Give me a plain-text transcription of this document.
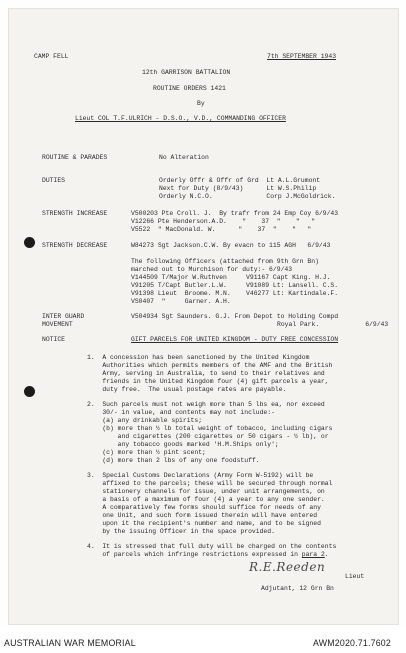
CAMP FELL	7th SEPTEMBER 1943
12th GARRISON BATTALION
ROUTINE ORDERS 1421
By
Lieut COL T.F.ULRICH - D.S.O., V.D., COMMANDING OFFICER
ROUTINE & PARADES	No Alteration
DUTIES	Orderly Offr & Offr of Grd  Lt A.L.Grumont
Next for Duty (8/9/43)      Lt W.S.Philip
Orderly N.C.O.              Corp J.McGoldrick.
STRENGTH INCREASE	V500203 Pte Croll. J.  By trafr from 24 Emp Coy 6/9/43
V12266 Pte Henderson.A.D.    "    37  "    "   "
V5522  " MacDonald. W.      "    37  "    "   "
STRENGTH DECREASE	W84273 Sgt Jackson.C.W. By evacn to 115 AGH   6/9/43
The following Officers (attached from 9th Grn Bn)
marched out to Murchison for duty:- 6/9/43
V144509 T/Major W.Ruthven     V91167 Capt King. H.J.
V91205 T/Capt Butler.L.W.     V91089 Lt: Lansell. C.S.
V91398 Lieut  Broome. M.N.    V46277 Lt: Kartindale.F.
VS0407  "     Garner. A.H.
INTER GUARD
MOVEMENT
V504934 Sgt Saunders. G.J. From Depot to Holding Compd
Royal Park.            6/9/43
NOTICE	GIFT PARCELS FOR UNITED KINGDOM - DUTY FREE CONCESSION
1.  A concession has been sanctioned by the United Kingdom
Authorities which permits members of the AMF and the British
Army, serving in Australia, to send to their relatives and
friends in the United Kingdom four (4) gift parcels a year,
duty free.  The usual postage rates are payable.
2.  Such parcels must not weigh more than 5 lbs ea, nor exceed
30/- in value, and contents may not include:-
(a) any drinkable spirits;
(b) more than ½ lb total weight of tobacco, including cigars
and cigarettes (200 cigarettes or 50 cigars - ½ lb), or
any tobacco goods marked 'H.M.Ships only';
(c) more than ½ pint scent;
(d) more than 2 lbs of any one foodstuff.
3.  Special Customs Declarations (Army Form W-5192) will be
affixed to the parcels; these will be secured through normal
stationery channels for issue, under unit arrangements, on
a basis of a maximum of four (4) a year to any one sender.
A comparatively few forms should suffice for needs of any
one Unit, and such form issued therein will have entered
upon it the recipient's number and name, and to be signed
by the issuing Officer in the space provided.
4.  It is stressed that full duty will be charged on the contents
of parcels which infringe restrictions expressed in para 2.
R.E.Reeden
Lieut
Adjutant, 12 Grn Bn
AUSTRALIAN WAR MEMORIAL	AWM2020.71.7602
